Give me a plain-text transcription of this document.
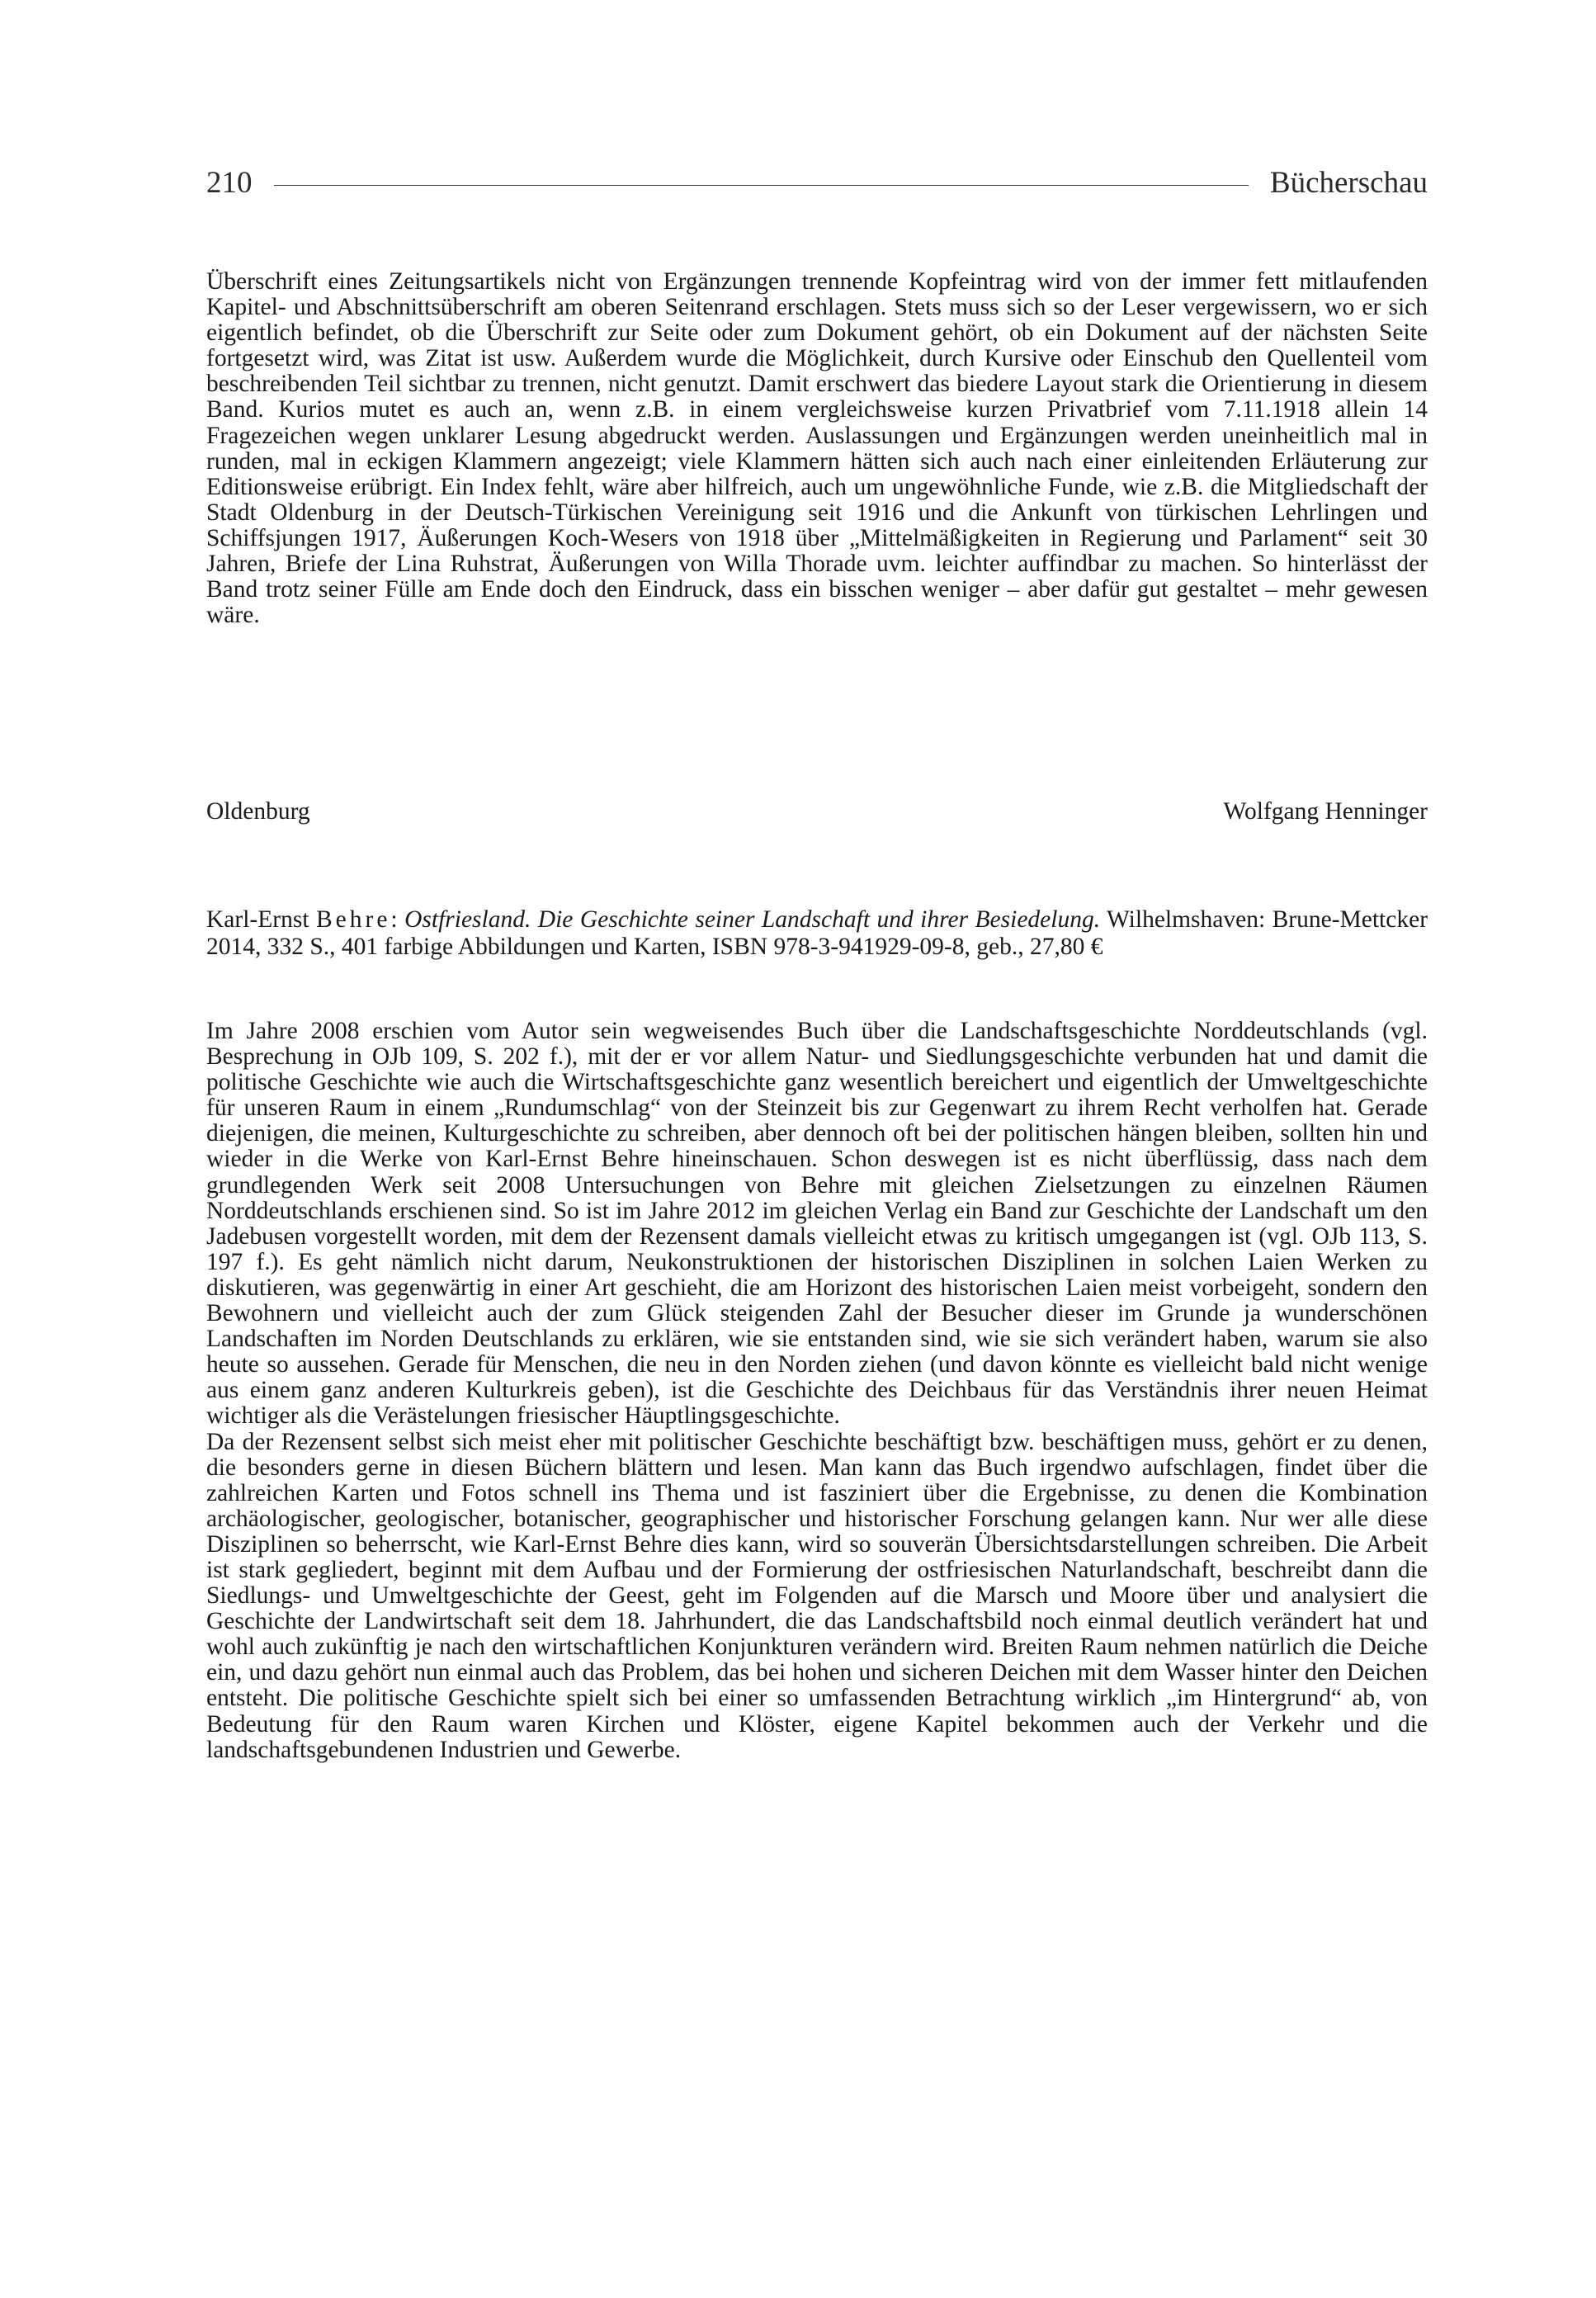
210	Bücherschau

Überschrift eines Zeitungsartikels nicht von Ergänzungen trennende Kopfeintrag wird von der immer fett mitlaufenden Kapitel- und Abschnittsüberschrift am oberen Seitenrand erschlagen. Stets muss sich so der Leser vergewissern, wo er sich eigentlich befindet, ob die Überschrift zur Seite oder zum Dokument gehört, ob ein Dokument auf der nächsten Seite fortgesetzt wird, was Zitat ist usw. Außerdem wurde die Möglichkeit, durch Kursive oder Einschub den Quellenteil vom beschreibenden Teil sichtbar zu trennen, nicht genutzt. Damit erschwert das biedere Layout stark die Orientierung in diesem Band. Kurios mutet es auch an, wenn z.B. in einem vergleichsweise kurzen Privatbrief vom 7.11.1918 allein 14 Fragezeichen wegen unklarer Lesung abgedruckt werden. Auslassungen und Ergänzungen werden uneinheitlich mal in runden, mal in eckigen Klammern angezeigt; viele Klammern hätten sich auch nach einer einleitenden Erläuterung zur Editionsweise erübrigt. Ein Index fehlt, wäre aber hilfreich, auch um ungewöhnliche Funde, wie z.B. die Mitgliedschaft der Stadt Oldenburg in der Deutsch-Türkischen Vereinigung seit 1916 und die Ankunft von türkischen Lehrlingen und Schiffsjungen 1917, Äußerungen Koch-Wesers von 1918 über „Mittelmäßigkeiten in Regierung und Parlament“ seit 30 Jahren, Briefe der Lina Ruhstrat, Äußerungen von Willa Thorade uvm. leichter auffindbar zu machen. So hinterlässt der Band trotz seiner Fülle am Ende doch den Eindruck, dass ein bisschen weniger – aber dafür gut gestaltet – mehr gewesen wäre.

Oldenburg	Wolfgang Henninger
Karl-Ernst Behre: Ostfriesland. Die Geschichte seiner Landschaft und ihrer Besiedelung. Wilhelmshaven: Brune-Mettcker 2014, 332 S., 401 farbige Abbildungen und Karten, ISBN 978-3-941929-09-8, geb., 27,80 €

Im Jahre 2008 erschien vom Autor sein wegweisendes Buch über die Landschaftsgeschichte Norddeutschlands (vgl. Besprechung in OJb 109, S. 202 f.), mit der er vor allem Natur- und Siedlungsgeschichte verbunden hat und damit die politische Geschichte wie auch die Wirtschaftsgeschichte ganz wesentlich bereichert und eigentlich der Umweltgeschichte für unseren Raum in einem „Rundumschlag“ von der Steinzeit bis zur Gegenwart zu ihrem Recht verholfen hat. Gerade diejenigen, die meinen, Kulturgeschichte zu schreiben, aber dennoch oft bei der politischen hängen bleiben, sollten hin und wieder in die Werke von Karl-Ernst Behre hineinschauen. Schon deswegen ist es nicht überflüssig, dass nach dem grundlegenden Werk seit 2008 Untersuchungen von Behre mit gleichen Zielsetzungen zu einzelnen Räumen Norddeutschlands erschienen sind. So ist im Jahre 2012 im gleichen Verlag ein Band zur Geschichte der Landschaft um den Jadebusen vorgestellt worden, mit dem der Rezensent damals vielleicht etwas zu kritisch umgegangen ist (vgl. OJb 113, S. 197 f.). Es geht nämlich nicht darum, Neukonstruktionen der historischen Disziplinen in solchen Laien Werken zu diskutieren, was gegenwärtig in einer Art geschieht, die am Horizont des historischen Laien meist vorbeigeht, sondern den Bewohnern und vielleicht auch der zum Glück steigenden Zahl der Besucher dieser im Grunde ja wunderschönen Landschaften im Norden Deutschlands zu erklären, wie sie entstanden sind, wie sie sich verändert haben, warum sie also heute so aussehen. Gerade für Menschen, die neu in den Norden ziehen (und davon könnte es vielleicht bald nicht wenige aus einem ganz anderen Kulturkreis geben), ist die Geschichte des Deichbaus für das Verständnis ihrer neuen Heimat wichtiger als die Verästelungen friesischer Häuptlingsgeschichte.

Da der Rezensent selbst sich meist eher mit politischer Geschichte beschäftigt bzw. beschäftigen muss, gehört er zu denen, die besonders gerne in diesen Büchern blättern und lesen. Man kann das Buch irgendwo aufschlagen, findet über die zahlreichen Karten und Fotos schnell ins Thema und ist fasziniert über die Ergebnisse, zu denen die Kombination archäologischer, geologischer, botanischer, geographischer und historischer Forschung gelangen kann. Nur wer alle diese Disziplinen so beherrscht, wie Karl-Ernst Behre dies kann, wird so souverän Übersichtsdarstellungen schreiben. Die Arbeit ist stark gegliedert, beginnt mit dem Aufbau und der Formierung der ostfriesischen Naturlandschaft, beschreibt dann die Siedlungs- und Umweltgeschichte der Geest, geht im Folgenden auf die Marsch und Moore über und analysiert die Geschichte der Landwirtschaft seit dem 18. Jahrhundert, die das Landschaftsbild noch einmal deutlich verändert hat und wohl auch zukünftig je nach den wirtschaftlichen Konjunkturen verändern wird. Breiten Raum nehmen natürlich die Deiche ein, und dazu gehört nun einmal auch das Problem, das bei hohen und sicheren Deichen mit dem Wasser hinter den Deichen entsteht. Die politische Geschichte spielt sich bei einer so umfassenden Betrachtung wirklich „im Hintergrund“ ab, von Bedeutung für den Raum waren Kirchen und Klöster, eigene Kapitel bekommen auch der Verkehr und die landschaftsgebundenen Industrien und Gewerbe.
